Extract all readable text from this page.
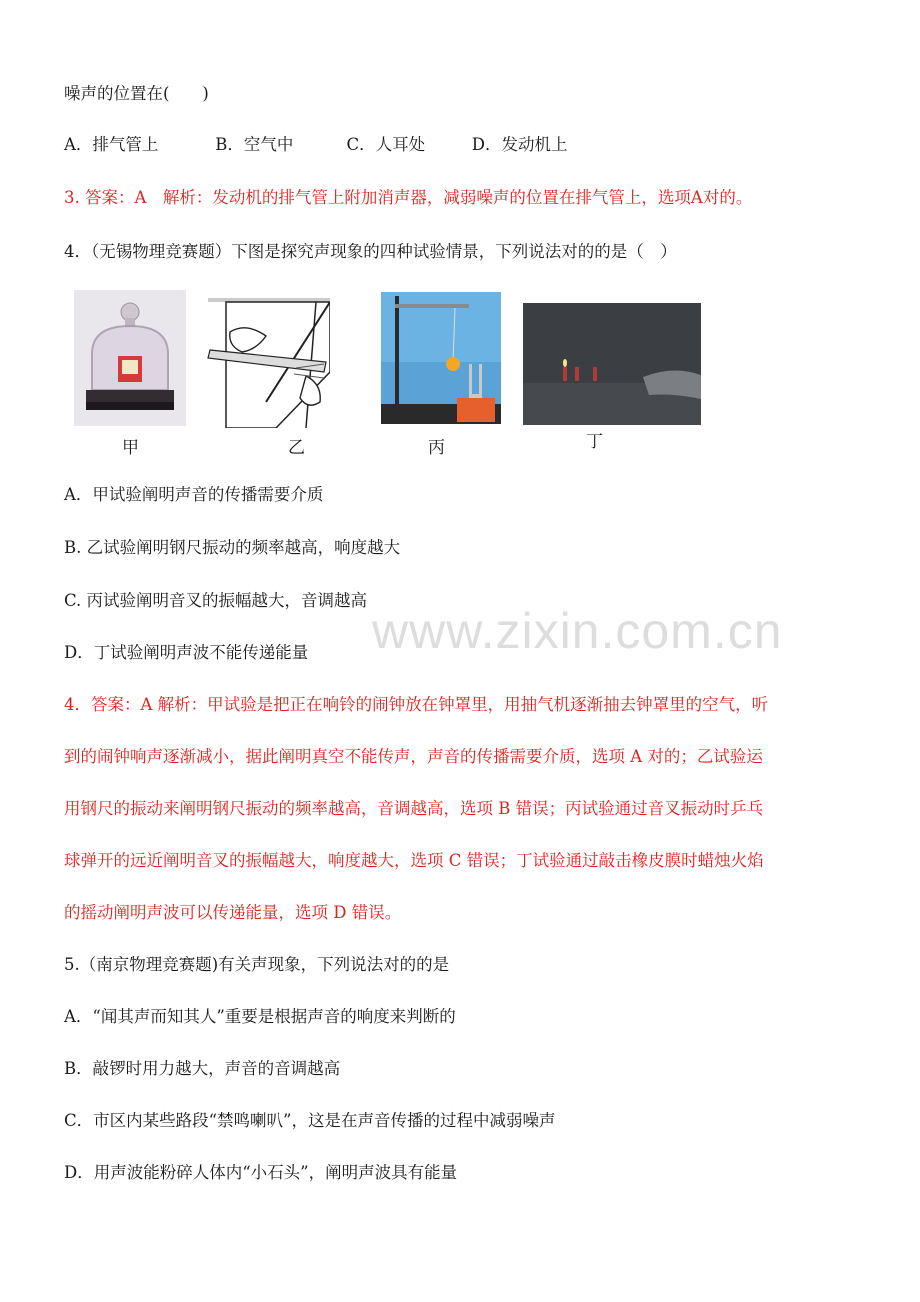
噪声的位置在(　　)
A．排气管上	B．空气中	C．人耳处	D．发动机上
3. 答案：A　解析：发动机的排气管上附加消声器，减弱噪声的位置在排气管上，选项A对的。
4．（无锡物理竞赛题）下图是探究声现象的四种试验情景，下列说法对的的是（　）
甲	乙	丙	丁
A．甲试验阐明声音的传播需要介质
B. 乙试验阐明钢尺振动的频率越高，响度越大
C. 丙试验阐明音叉的振幅越大，音调越高
D．丁试验阐明声波不能传递能量 www.zixin.com.cn
4．答案：A 解析：甲试验是把正在响铃的闹钟放在钟罩里，用抽气机逐渐抽去钟罩里的空气，听
到的闹钟响声逐渐减小，据此阐明真空不能传声，声音的传播需要介质，选项 A 对的；乙试验运
用钢尺的振动来阐明钢尺振动的频率越高，音调越高，选项 B 错误；丙试验通过音叉振动时乒乓
球弹开的远近阐明音叉的振幅越大，响度越大，选项 C 错误；丁试验通过敲击橡皮膜时蜡烛火焰
的摇动阐明声波可以传递能量，选项 D 错误。
5.（南京物理竞赛题)有关声现象，下列说法对的的是
A．“闻其声而知其人”重要是根据声音的响度来判断的
B．敲锣时用力越大，声音的音调越高
C．市区内某些路段“禁鸣喇叭”，这是在声音传播的过程中减弱噪声
D．用声波能粉碎人体内“小石头”，阐明声波具有能量
